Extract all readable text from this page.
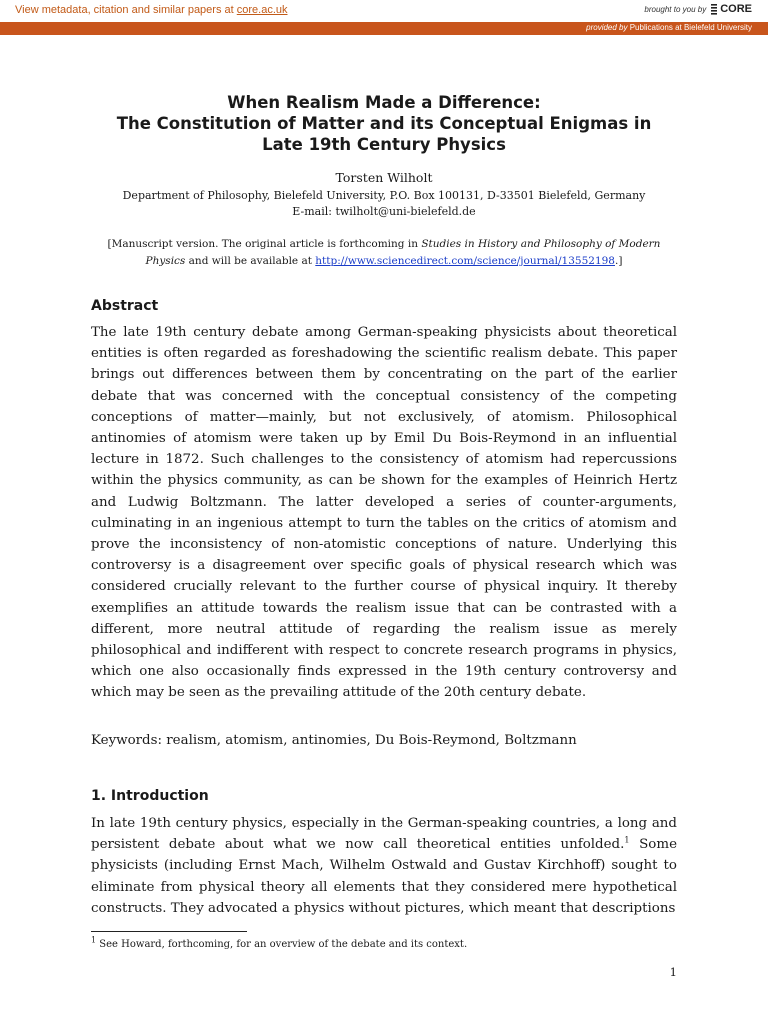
View metadata, citation and similar papers at core.ac.uk	brought to you by CORE
provided by Publications at Bielefeld University
When Realism Made a Difference:
The Constitution of Matter and its Conceptual Enigmas in
Late 19th Century Physics
Torsten Wilholt
Department of Philosophy, Bielefeld University, P.O. Box 100131, D-33501 Bielefeld, Germany
E-mail: twilholt@uni-bielefeld.de
[Manuscript version. The original article is forthcoming in Studies in History and Philosophy of Modern Physics and will be available at http://www.sciencedirect.com/science/journal/13552198.]
Abstract
The late 19th century debate among German-speaking physicists about theoretical entities is often regarded as foreshadowing the scientific realism debate. This paper brings out differences between them by concentrating on the part of the earlier debate that was concerned with the conceptual consistency of the competing conceptions of matter—mainly, but not exclusively, of atomism. Philosophical antinomies of atomism were taken up by Emil Du Bois-Reymond in an influential lecture in 1872. Such challenges to the consistency of atomism had repercussions within the physics community, as can be shown for the examples of Heinrich Hertz and Ludwig Boltzmann. The latter developed a series of counter-arguments, culminating in an ingenious attempt to turn the tables on the critics of atomism and prove the inconsistency of non-atomistic conceptions of nature. Underlying this controversy is a disagreement over specific goals of physical research which was considered crucially relevant to the further course of physical inquiry. It thereby exemplifies an attitude towards the realism issue that can be contrasted with a different, more neutral attitude of regarding the realism issue as merely philosophical and indifferent with respect to concrete research programs in physics, which one also occasionally finds expressed in the 19th century controversy and which may be seen as the prevailing attitude of the 20th century debate.
Keywords: realism, atomism, antinomies, Du Bois-Reymond, Boltzmann
1. Introduction
In late 19th century physics, especially in the German-speaking countries, a long and persistent debate about what we now call theoretical entities unfolded.$^1$ Some physicists (including Ernst Mach, Wilhelm Ostwald and Gustav Kirchhoff) sought to eliminate from physical theory all elements that they considered mere hypothetical constructs. They advocated a physics without pictures, which meant that descriptions
$^1$ See Howard, forthcoming, for an overview of the debate and its context.
1
